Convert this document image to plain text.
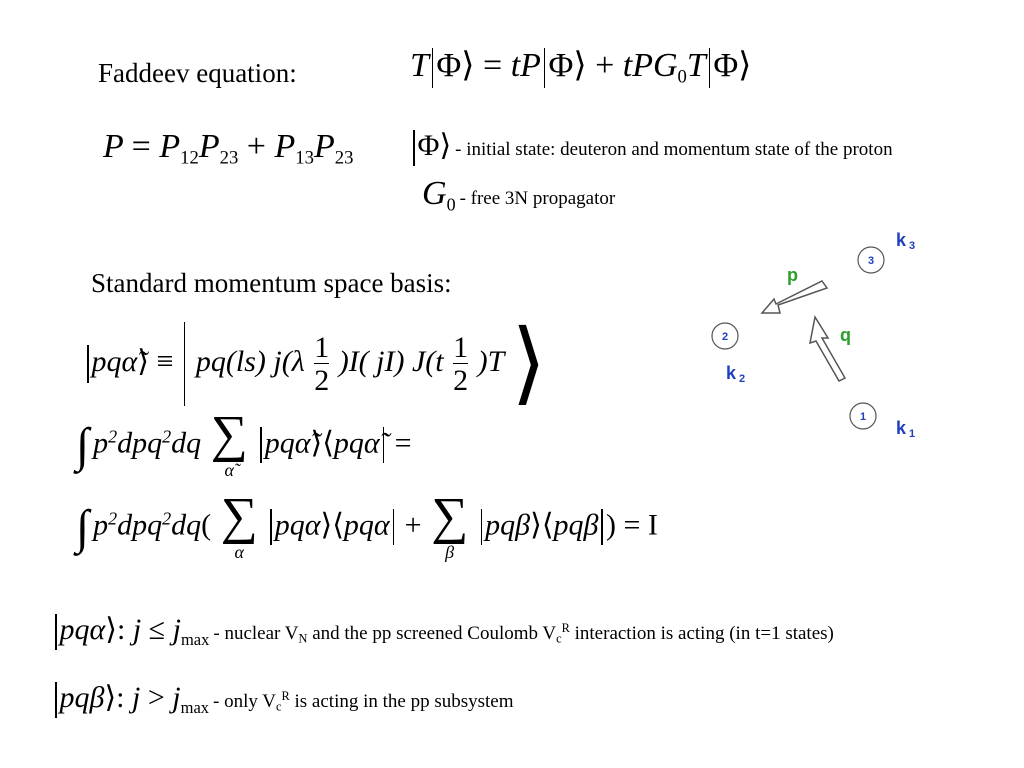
Faddeev equation:	T Φ⟩ = tP Φ⟩ + tPG$_0$T Φ⟩
$P = P_{12}P_{23} + P_{13}P_{23}$ Φ⟩ - initial state: deuteron and momentum state of the proton
$G_0$ - free 3N propagator
Standard momentum space basis:
pqα̃⟩ ≡ pq(ls) $j(\lambda \frac{1}{2} )I$( jI) $J(t \frac{1}{2} )T$ ⟩
∫ $p^2dpq^2dq$ ∑
α̃
pqα̃⟩⟨pqα̃ =
∫ $p^2dpq^2dq$( ∑
α
pqα⟩⟨pqα + ∑
β
pqβ⟩⟨pqβ ) = I
pqα⟩: $j \le j_{max}$ - nuclear VN and the pp screened Coulomb $Vc^R$ interaction is acting (in t=1 states)
pqβ⟩: $j > j_{max}$ - only $Vc^R$ is acting in the pp subsystem
3
2
1
p
q
k 3
k 2
k 1
